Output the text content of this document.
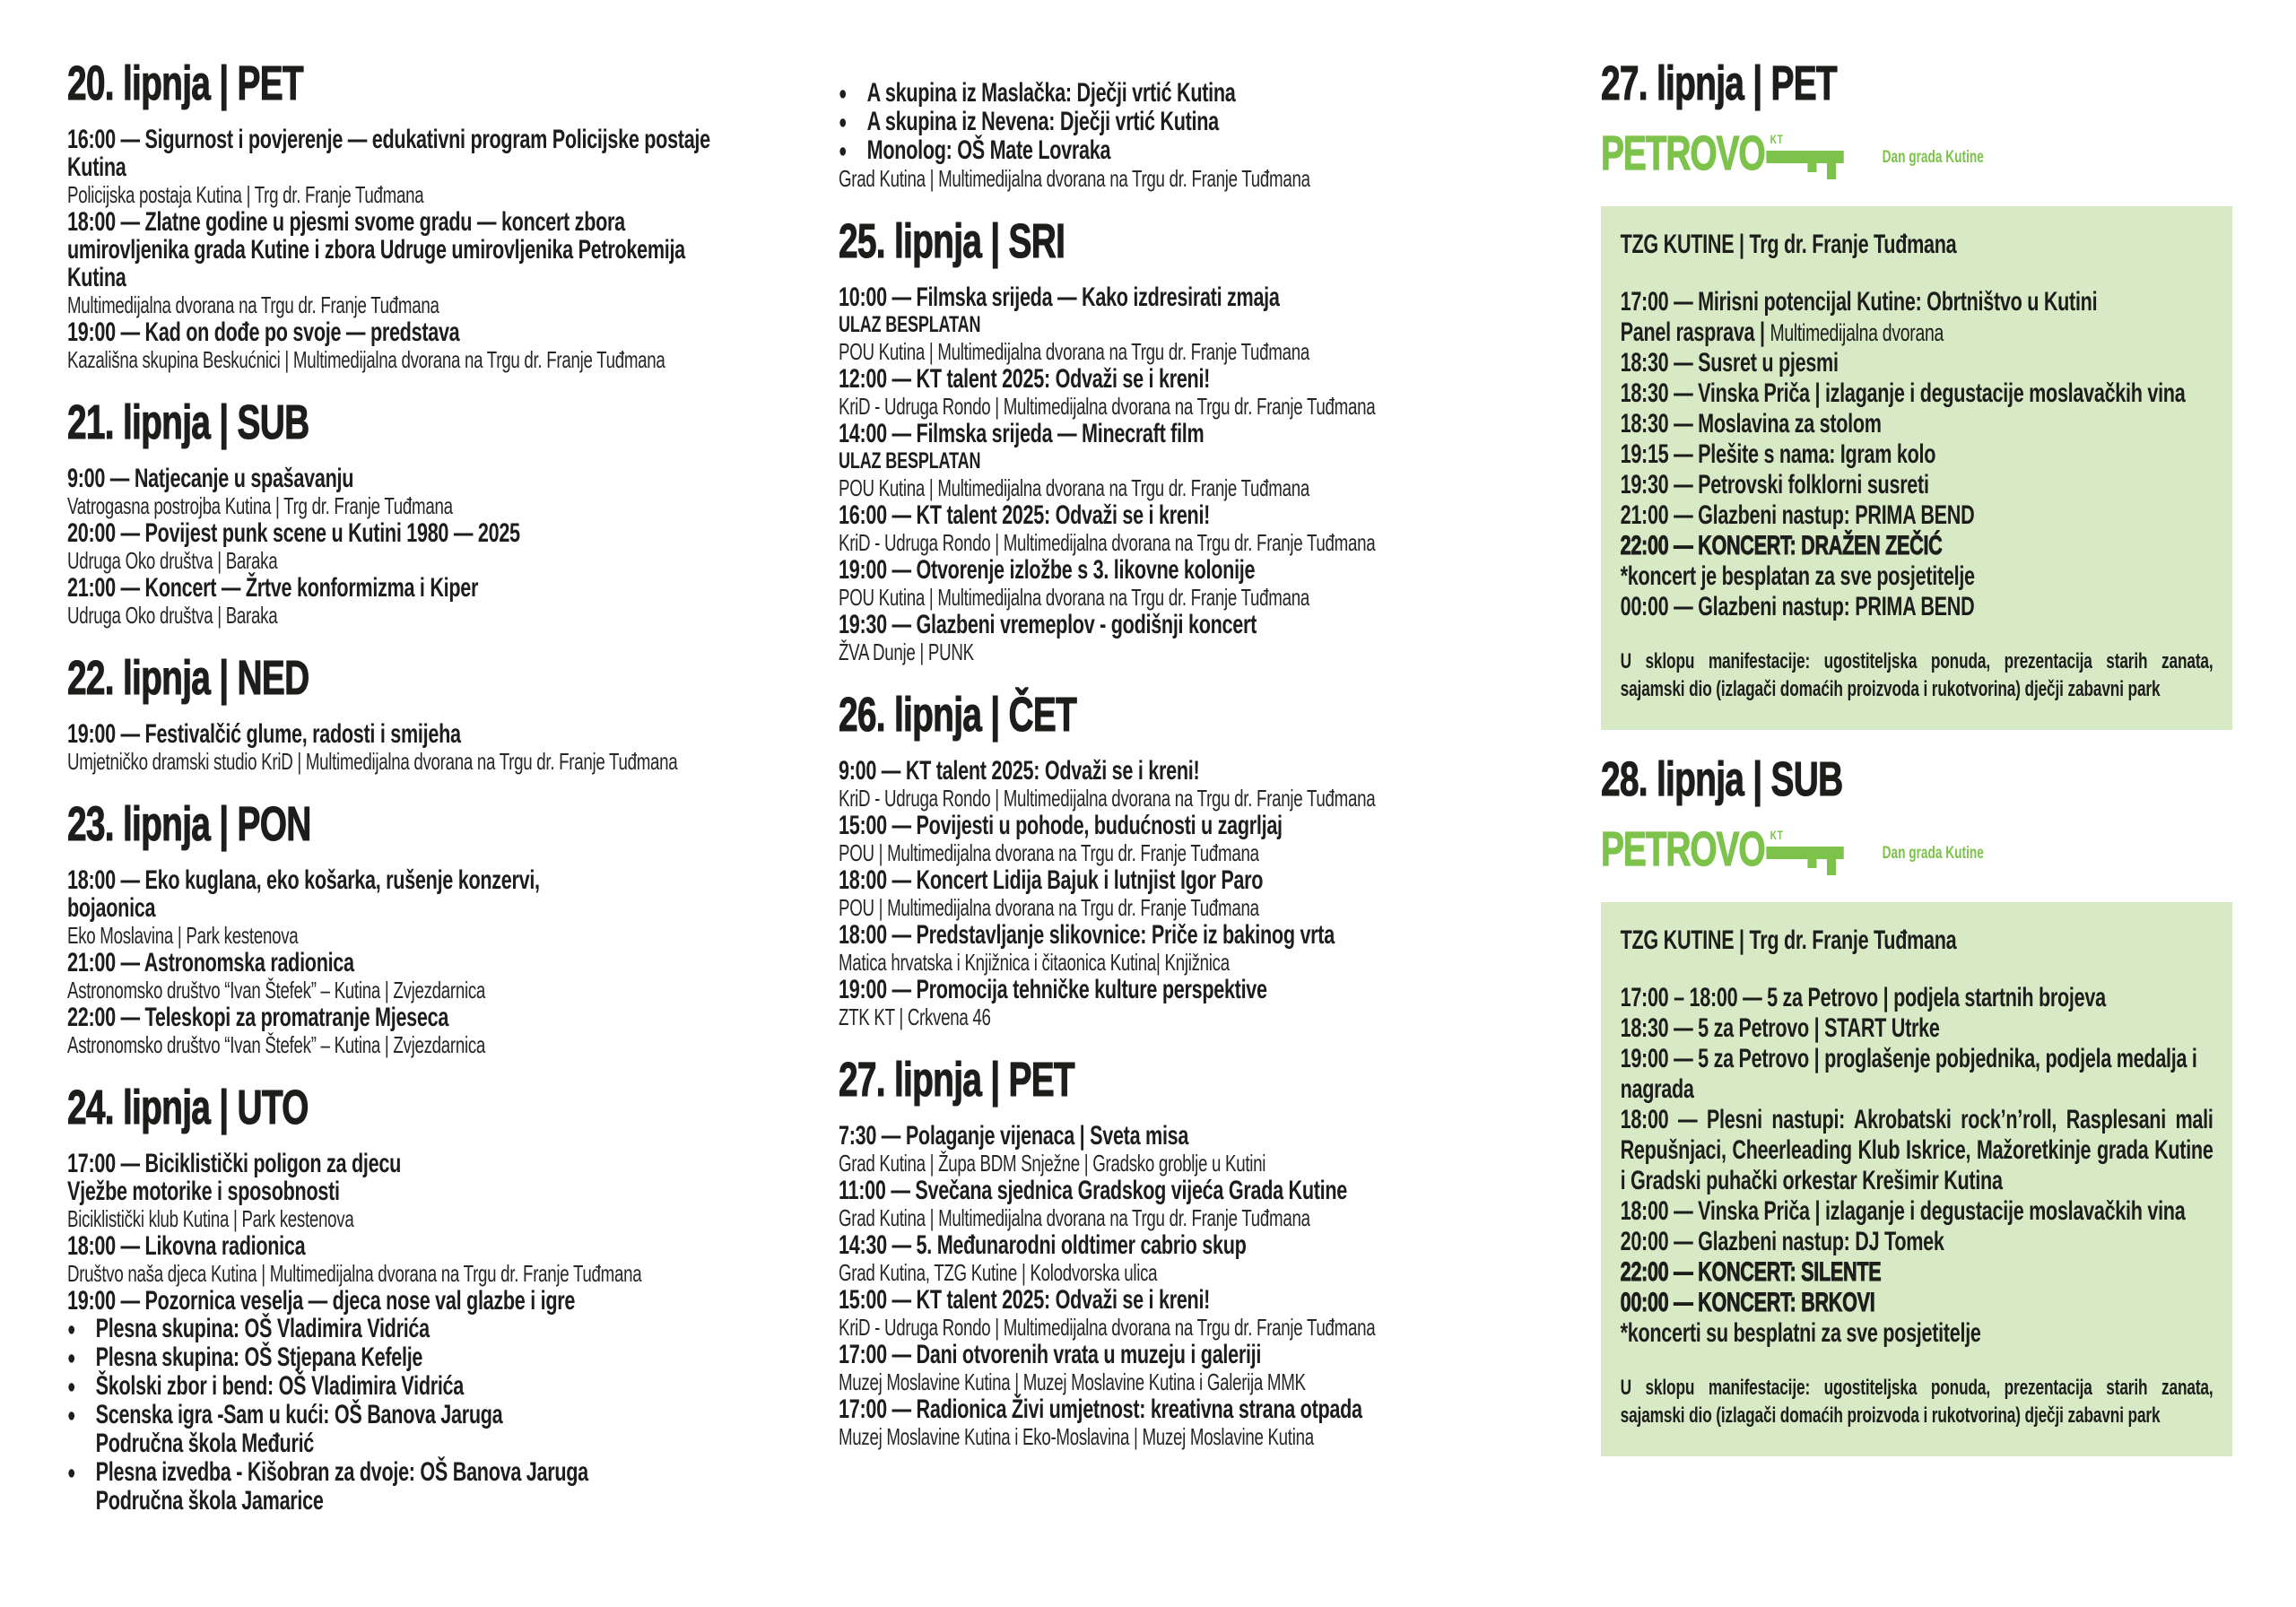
20. lipnja | PET
16:00 — Sigurnost i povjerenje — edukativni program Policijske postaje Kutina
Policijska postaja Kutina | Trg dr. Franje Tuđmana
18:00 — Zlatne godine u pjesmi svome gradu — koncert zbora umirovljenika grada Kutine i zbora Udruge umirovljenika Petrokemija Kutina
Multimedijalna dvorana na Trgu dr. Franje Tuđmana
19:00 — Kad on dođe po svoje — predstava
Kazališna skupina Beskućnici | Multimedijalna dvorana na Trgu dr. Franje Tuđmana
21. lipnja | SUB
9:00 — Natjecanje u spašavanju
Vatrogasna postrojba Kutina | Trg dr. Franje Tuđmana
20:00 — Povijest punk scene u Kutini 1980 — 2025
Udruga Oko društva | Baraka
21:00 — Koncert — Žrtve konformizma i Kiper
Udruga Oko društva | Baraka
22. lipnja | NED
19:00 — Festivalčić glume, radosti i smijeha
Umjetničko dramski studio KriD | Multimedijalna dvorana na Trgu dr. Franje Tuđmana
23. lipnja | PON
18:00 — Eko kuglana, eko košarka, rušenje konzervi,
bojaonica
Eko Moslavina | Park kestenova
21:00 — Astronomska radionica
Astronomsko društvo “Ivan Štefek” – Kutina | Zvjezdarnica
22:00 — Teleskopi za promatranje Mjeseca
Astronomsko društvo “Ivan Štefek” – Kutina | Zvjezdarnica
24. lipnja | UTO
17:00 — Biciklistički poligon za djecu
Vježbe motorike i sposobnosti
Biciklistički klub Kutina | Park kestenova
18:00 — Likovna radionica
Društvo naša djeca Kutina | Multimedijalna dvorana na Trgu dr. Franje Tuđmana
19:00 — Pozornica veselja — djeca nose val glazbe i igre
● Plesna skupina: OŠ Vladimira Vidrića
● Plesna skupina: OŠ Stjepana Kefelje
● Školski zbor i bend: OŠ Vladimira Vidrića
● Scenska igra -Sam u kući: OŠ Banova Jaruga
Područna škola Međurić
● Plesna izvedba - Kišobran za dvoje: OŠ Banova Jaruga
Područna škola Jamarice
● A skupina iz Maslačka: Dječji vrtić Kutina
● A skupina iz Nevena: Dječji vrtić Kutina
● Monolog: OŠ Mate Lovraka
Grad Kutina | Multimedijalna dvorana na Trgu dr. Franje Tuđmana
25. lipnja | SRI
10:00 — Filmska srijeda — Kako izdresirati zmaja
ULAZ BESPLATAN
POU Kutina | Multimedijalna dvorana na Trgu dr. Franje Tuđmana
12:00 — KT talent 2025: Odvaži se i kreni!
KriD - Udruga Rondo | Multimedijalna dvorana na Trgu dr. Franje Tuđmana
14:00 — Filmska srijeda — Minecraft film
ULAZ BESPLATAN
POU Kutina | Multimedijalna dvorana na Trgu dr. Franje Tuđmana
16:00 — KT talent 2025: Odvaži se i kreni!
KriD - Udruga Rondo | Multimedijalna dvorana na Trgu dr. Franje Tuđmana
19:00 — Otvorenje izložbe s 3. likovne kolonije
POU Kutina | Multimedijalna dvorana na Trgu dr. Franje Tuđmana
19:30 — Glazbeni vremeplov - godišnji koncert
ŽVA Dunje | PUNK
26. lipnja | ČET
9:00 — KT talent 2025: Odvaži se i kreni!
KriD - Udruga Rondo | Multimedijalna dvorana na Trgu dr. Franje Tuđmana
15:00 — Povijesti u pohode, budućnosti u zagrljaj
POU | Multimedijalna dvorana na Trgu dr. Franje Tuđmana
18:00 — Koncert Lidija Bajuk i lutnjist Igor Paro
POU | Multimedijalna dvorana na Trgu dr. Franje Tuđmana
18:00 — Predstavljanje slikovnice: Priče iz bakinog vrta
Matica hrvatska i Knjižnica i čitaonica Kutina| Knjižnica
19:00 — Promocija tehničke kulture perspektive
ZTK KT | Crkvena 46
27. lipnja | PET
7:30 — Polaganje vijenaca | Sveta misa
Grad Kutina | Župa BDM Snježne | Gradsko groblje u Kutini
11:00 — Svečana sjednica Gradskog vijeća Grada Kutine
Grad Kutina | Multimedijalna dvorana na Trgu dr. Franje Tuđmana
14:30 — 5. Međunarodni oldtimer cabrio skup
Grad Kutina, TZG Kutine | Kolodvorska ulica
15:00 — KT talent 2025: Odvaži se i kreni!
KriD - Udruga Rondo | Multimedijalna dvorana na Trgu dr. Franje Tuđmana
17:00 — Dani otvorenih vrata u muzeju i galeriji
Muzej Moslavine Kutina | Muzej Moslavine Kutina i Galerija MMK
17:00 — Radionica Živi umjetnost: kreativna strana otpada
Muzej Moslavine Kutina i Eko-Moslavina | Muzej Moslavine Kutina
27. lipnja | PET
PETROVO KT
Dan grada Kutine
TZG KUTINE | Trg dr. Franje Tuđmana
17:00 — Mirisni potencijal Kutine: Obrtništvo u Kutini
Panel rasprava | Multimedijalna dvorana
18:30 — Susret u pjesmi
18:30 — Vinska Priča | izlaganje i degustacije moslavačkih vina
18:30 — Moslavina za stolom
19:15 — Plešite s nama: Igram kolo
19:30 — Petrovski folklorni susreti
21:00 — Glazbeni nastup: PRIMA BEND
22:00 — KONCERT: DRAŽEN ZEČIĆ
*koncert je besplatan za sve posjetitelje
00:00 — Glazbeni nastup: PRIMA BEND
U sklopu manifestacije: ugostiteljska ponuda, prezentacija starih zanata, sajamski dio (izlagači domaćih proizvoda i rukotvorina) dječji zabavni park
28. lipnja | SUB
PETROVO KT
Dan grada Kutine
TZG KUTINE | Trg dr. Franje Tuđmana
17:00 – 18:00 — 5 za Petrovo | podjela startnih brojeva
18:30 — 5 za Petrovo | START Utrke
19:00 — 5 za Petrovo | proglašenje pobjednika, podjela medalja i nagrada
18:00 — Plesni nastupi: Akrobatski rock’n’roll, Rasplesani mali Repušnjaci, Cheerleading Klub Iskrice, Mažoretkinje grada Kutine i Gradski puhački orkestar Krešimir Kutina
18:00 — Vinska Priča | izlaganje i degustacije moslavačkih vina
20:00 — Glazbeni nastup: DJ Tomek
22:00 — KONCERT: SILENTE
00:00 — KONCERT: BRKOVI
*koncerti su besplatni za sve posjetitelje
U sklopu manifestacije: ugostiteljska ponuda, prezentacija starih zanata, sajamski dio (izlagači domaćih proizvoda i rukotvorina) dječji zabavni park
